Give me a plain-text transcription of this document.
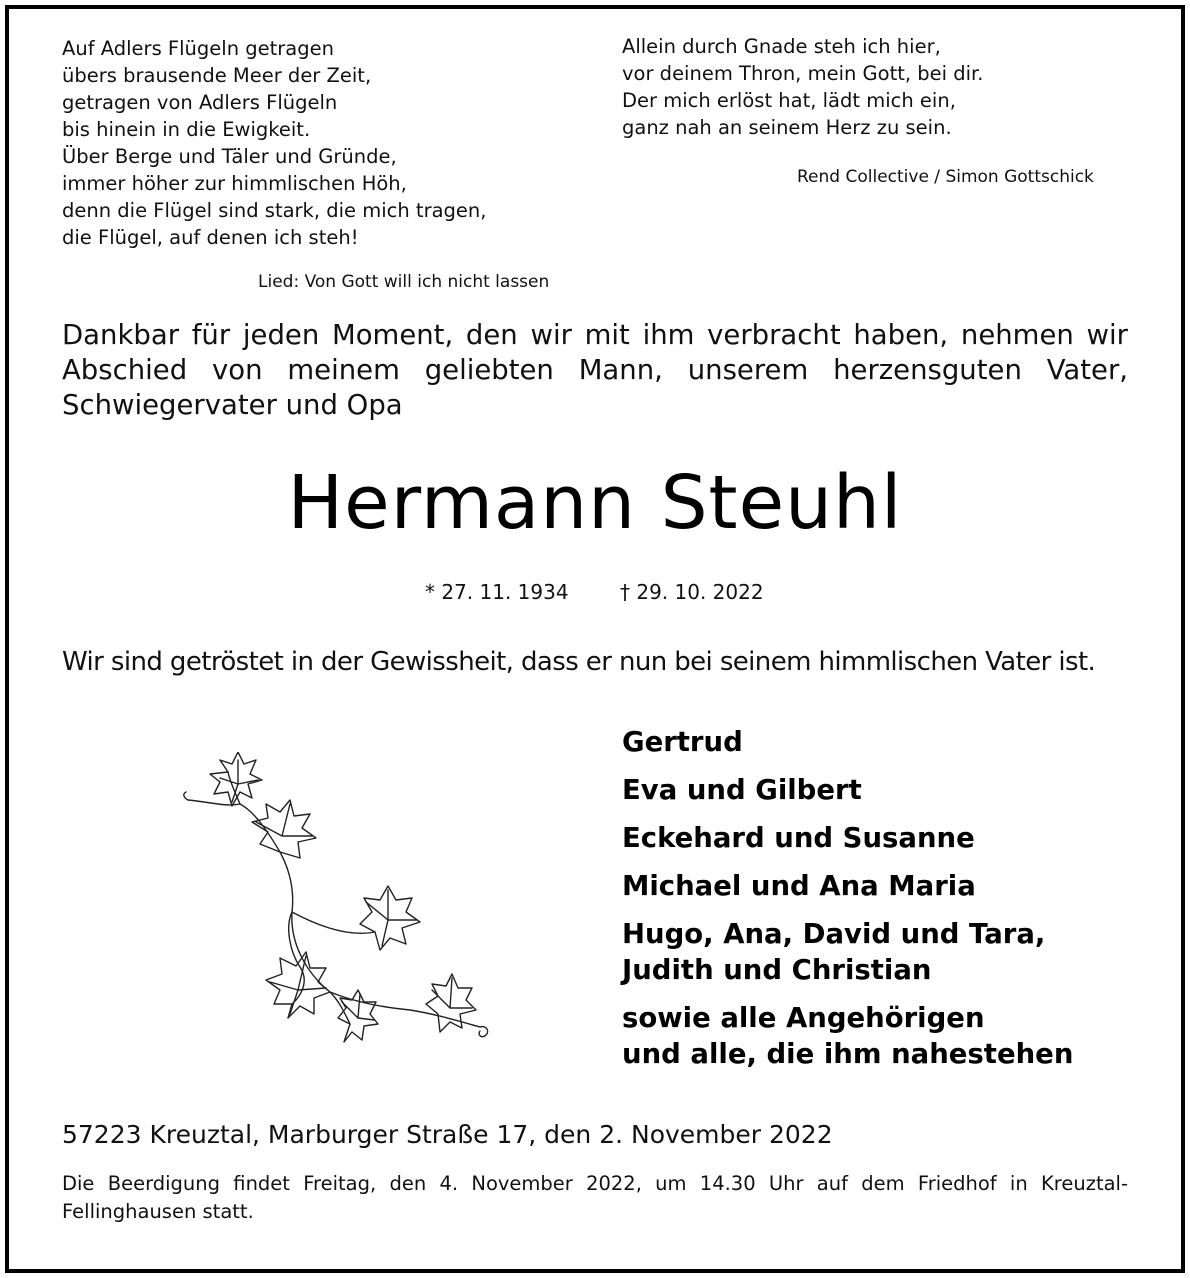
Auf Adlers Flügeln getragen
übers brausende Meer der Zeit,
getragen von Adlers Flügeln
bis hinein in die Ewigkeit.
Über Berge und Täler und Gründe,
immer höher zur himmlischen Höh,
denn die Flügel sind stark, die mich tragen,
die Flügel, auf denen ich steh!
Lied: Von Gott will ich nicht lassen
Allein durch Gnade steh ich hier,
vor deinem Thron, mein Gott, bei dir.
Der mich erlöst hat, lädt mich ein,
ganz nah an seinem Herz zu sein.
Rend Collective / Simon Gottschick
Dankbar für jeden Moment, den wir mit ihm verbracht haben, nehmen wir Abschied von meinem geliebten Mann, unserem herzensguten Vater, Schwiegervater und Opa
Hermann Steuhl
* 27. 11. 1934	† 29. 10. 2022
Wir sind getröstet in der Gewissheit, dass er nun bei seinem himmlischen Vater ist.
Gertrud
Eva und Gilbert
Eckehard und Susanne
Michael und Ana Maria
Hugo, Ana, David und Tara,
Judith und Christian
sowie alle Angehörigen
und alle, die ihm nahestehen
57223 Kreuztal, Marburger Straße 17, den 2. November 2022
Die Beerdigung findet Freitag, den 4. November 2022, um 14.30 Uhr auf dem Friedhof in Kreuztal-Fellinghausen statt.
